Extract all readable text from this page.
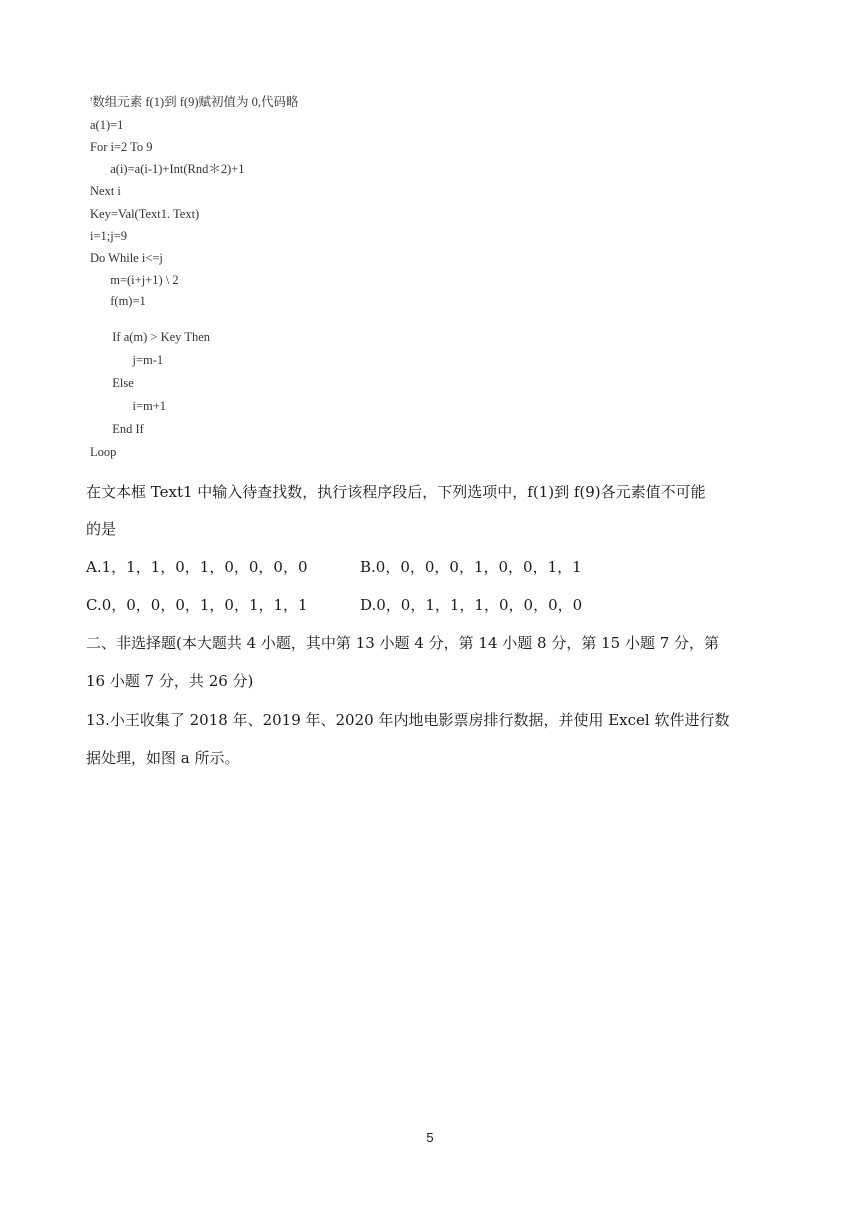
'数组元素 f(1)到 f(9)赋初值为 0,代码略
a(1)=1
For i=2 To 9
a(i)=a(i-1)+Int(Rnd＊2)+1
Next i
Key=Val(Text1. Text)
i=1;j=9
Do While i<=j
m=(i+j+1) \ 2
f(m)=1
If a(m) > Key Then
j=m-1
Else
i=m+1
End If
Loop
在文本框 Text1 中输入待查找数，执行该程序段后，下列选项中，f(1)到 f(9)各元素值不可能
的是
A.1，1，1，0，1，0，0，0，0	B.0，0，0，0，1，0，0，1，1
C.0，0，0，0，1，0，1，1，1	D.0，0，1，1，1，0，0，0，0
二、非选择题(本大题共 4 小题，其中第 13 小题 4 分，第 14 小题 8 分，第 15 小题 7 分，第
16 小题 7 分，共 26 分)
13.小王收集了 2018 年、2019 年、2020 年内地电影票房排行数据，并使用 Excel 软件进行数
据处理，如图 a 所示。
5
